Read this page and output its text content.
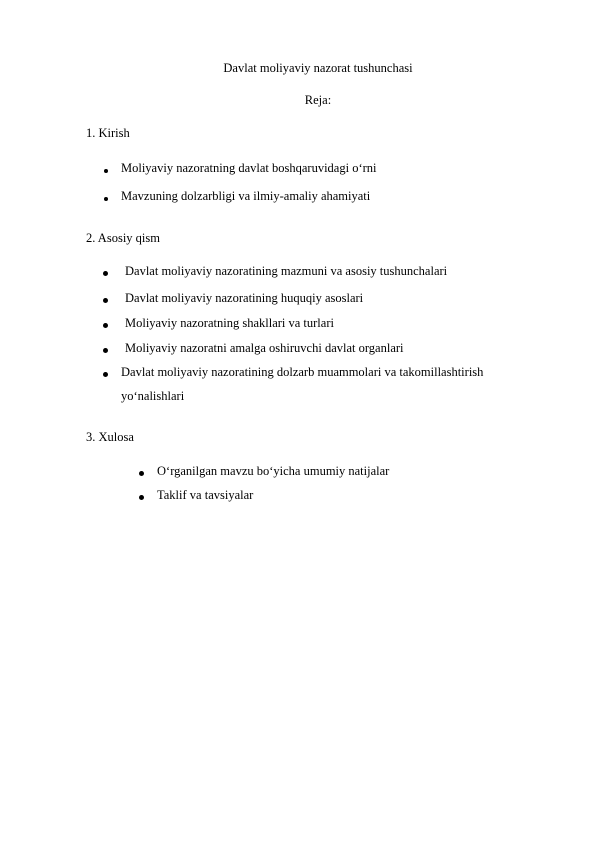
Davlat moliyaviy nazorat tushunchasi
Reja:
1. Kirish
Moliyaviy nazoratning davlat boshqaruvidagi o‘rni
Mavzuning dolzarbligi va ilmiy-amaliy ahamiyati
2. Asosiy qism
Davlat moliyaviy nazoratining mazmuni va asosiy tushunchalari
Davlat moliyaviy nazoratining huquqiy asoslari
Moliyaviy nazoratning shakllari va turlari
Moliyaviy nazoratni amalga oshiruvchi davlat organlari
Davlat moliyaviy nazoratining dolzarb muammolari va takomillashtirish
yo‘nalishlari
3. Xulosa
O‘rganilgan mavzu bo‘yicha umumiy natijalar
Taklif va tavsiyalar
